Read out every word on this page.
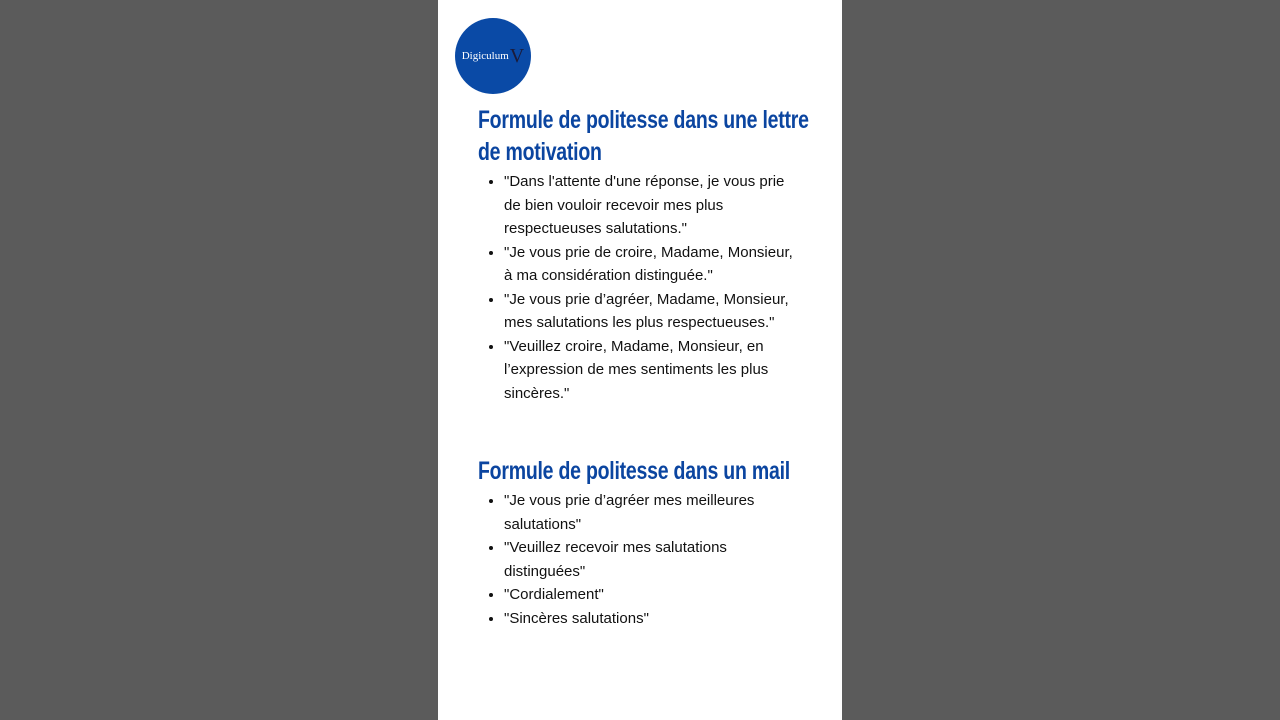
Digiculum V
Formule de politesse dans une lettre de motivation
• "Dans l'attente d'une réponse, je vous prie de bien vouloir recevoir mes plus respectueuses salutations."
• "Je vous prie de croire, Madame, Monsieur, à ma considération distinguée."
• "Je vous prie d’agréer, Madame, Monsieur, mes salutations les plus respectueuses."
• "Veuillez croire, Madame, Monsieur, en l’expression de mes sentiments les plus sincères."
Formule de politesse dans un mail
• "Je vous prie d’agréer mes meilleures salutations"
• "Veuillez recevoir mes salutations distinguées"
• "Cordialement"
• "Sincères salutations"
